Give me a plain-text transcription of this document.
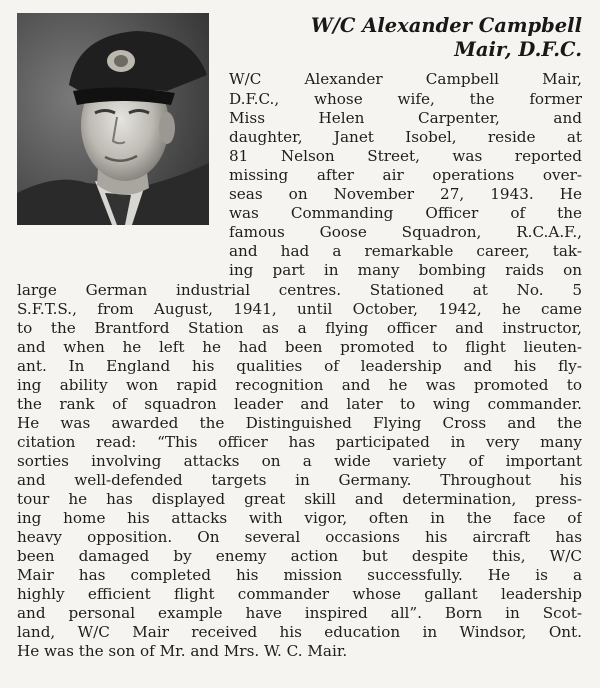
W/C Alexander Campbell
Mair, D.F.C.
W/C Alexander Campbell Mair,
D.F.C., whose wife, the former
Miss Helen Carpenter, and
daughter, Janet Isobel, reside at
81 Nelson Street, was reported
missing after air operations over-
seas on November 27, 1943. He
was Commanding Officer of the
famous Goose Squadron, R.C.A.F.,
and had a remarkable career, tak-
ing part in many bombing raids on
large German industrial centres. Stationed at No. 5
S.F.T.S., from August, 1941, until October, 1942, he came
to the Brantford Station as a flying officer and instructor,
and when he left he had been promoted to flight lieuten-
ant. In England his qualities of leadership and his fly-
ing ability won rapid recognition and he was promoted to
the rank of squadron leader and later to wing commander.
He was awarded the Distinguished Flying Cross and the
citation read: “This officer has participated in very many
sorties involving attacks on a wide variety of important
and well-defended targets in Germany. Throughout his
tour he has displayed great skill and determination, press-
ing home his attacks with vigor, often in the face of
heavy opposition. On several occasions his aircraft has
been damaged by enemy action but despite this, W/C
Mair has completed his mission successfully. He is a
highly efficient flight commander whose gallant leadership
and personal example have inspired all”. Born in Scot-
land, W/C Mair received his education in Windsor, Ont.
He was the son of Mr. and Mrs. W. C. Mair.
